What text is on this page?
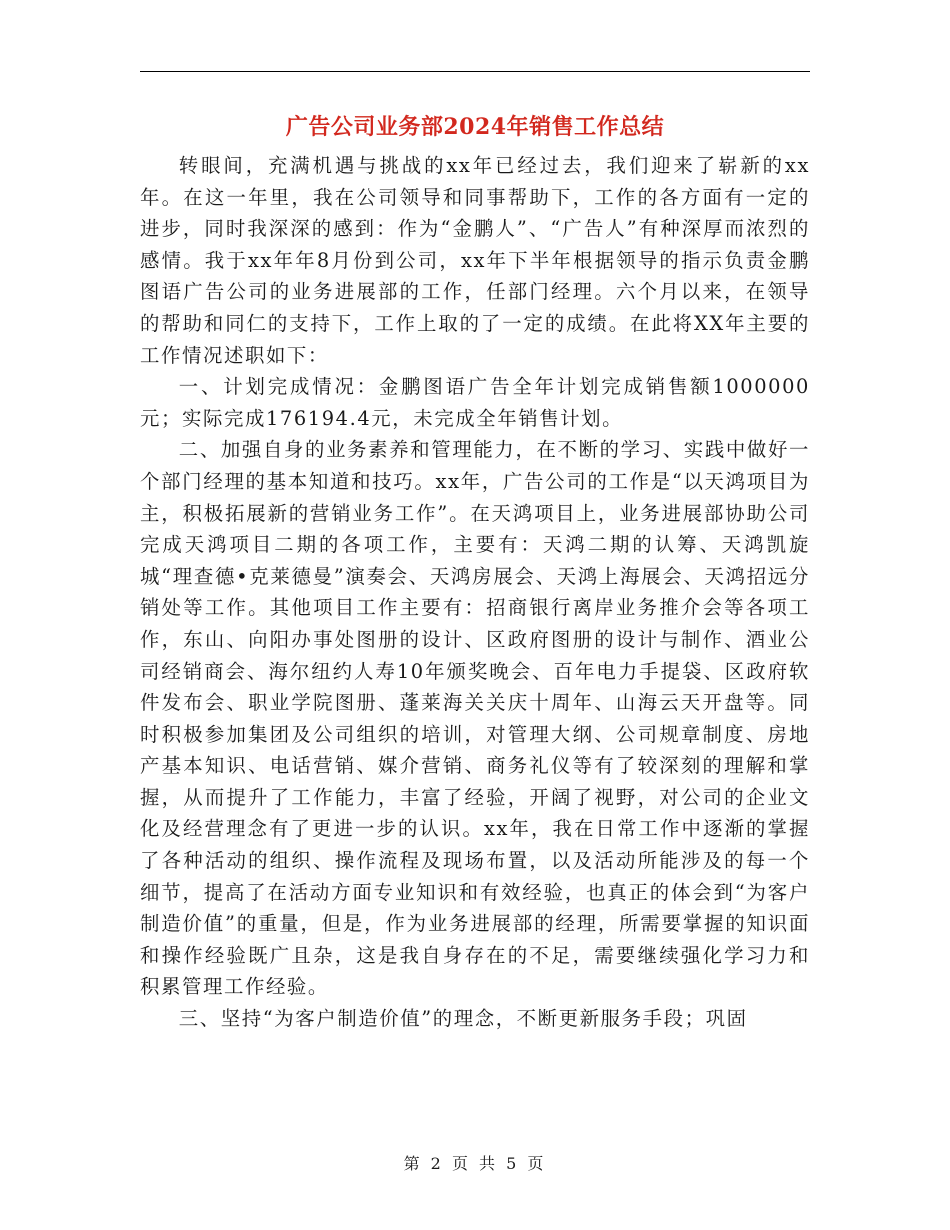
广告公司业务部2024年销售工作总结

转眼间，充满机遇与挑战的xx年已经过去，我们迎来了崭新的xx年。在这一年里，我在公司领导和同事帮助下，工作的各方面有一定的进步，同时我深深的感到：作为“金鹏人”、“广告人”有种深厚而浓烈的感情。我于xx年年8月份到公司，xx年下半年根据领导的指示负责金鹏图语广告公司的业务进展部的工作，任部门经理。六个月以来，在领导的帮助和同仁的支持下，工作上取的了一定的成绩。在此将XX年主要的工作情况述职如下：

一、计划完成情况：金鹏图语广告全年计划完成销售额1000000元；实际完成176194.4元，未完成全年销售计划。

二、加强自身的业务素养和管理能力，在不断的学习、实践中做好一个部门经理的基本知道和技巧。xx年，广告公司的工作是“以天鸿项目为主，积极拓展新的营销业务工作”。在天鸿项目上，业务进展部协助公司完成天鸿项目二期的各项工作，主要有：天鸿二期的认筹、天鸿凯旋城“理查德•克莱德曼”演奏会、天鸿房展会、天鸿上海展会、天鸿招远分销处等工作。其他项目工作主要有：招商银行离岸业务推介会等各项工作，东山、向阳办事处图册的设计、区政府图册的设计与制作、酒业公司经销商会、海尔纽约人寿10年颁奖晚会、百年电力手提袋、区政府软件发布会、职业学院图册、蓬莱海关关庆十周年、山海云天开盘等。同时积极参加集团及公司组织的培训，对管理大纲、公司规章制度、房地产基本知识、电话营销、媒介营销、商务礼仪等有了较深刻的理解和掌握，从而提升了工作能力，丰富了经验，开阔了视野，对公司的企业文化及经营理念有了更进一步的认识。xx年，我在日常工作中逐渐的掌握了各种活动的组织、操作流程及现场布置，以及活动所能涉及的每一个细节，提高了在活动方面专业知识和有效经验，也真正的体会到“为客户制造价值”的重量，但是，作为业务进展部的经理，所需要掌握的知识面和操作经验既广且杂，这是我自身存在的不足，需要继续强化学习力和积累管理工作经验。

三、坚持“为客户制造价值”的理念，不断更新服务手段；巩固

第 2 页 共 5 页
